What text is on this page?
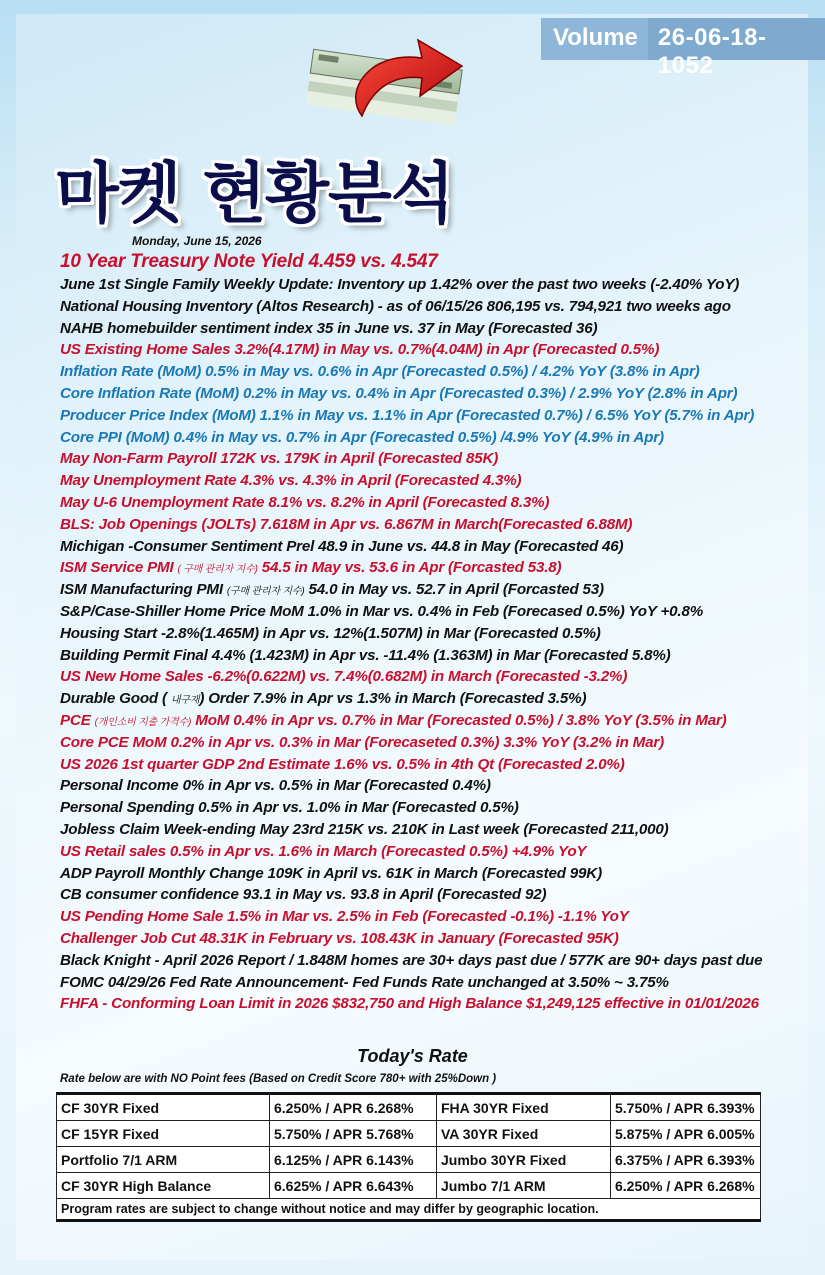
Volume 26-06-18-1052
마켓 현황분석
Monday, June 15, 2026
10 Year Treasury Note Yield 4.459 vs. 4.547
June 1st Single Family Weekly Update: Inventory up 1.42% over the past two weeks (-2.40% YoY)
National Housing Inventory (Altos Research) - as of 06/15/26 806,195 vs. 794,921 two weeks ago
NAHB homebuilder sentiment index 35 in June vs. 37 in May (Forecasted 36)
US Existing Home Sales 3.2%(4.17M) in May vs. 0.7%(4.04M) in Apr (Forecasted 0.5%)
Inflation Rate (MoM) 0.5% in May vs. 0.6% in Apr (Forecasted 0.5%) / 4.2% YoY (3.8% in Apr)
Core Inflation Rate (MoM) 0.2% in May vs. 0.4% in Apr (Forecasted 0.3%) / 2.9% YoY (2.8% in Apr)
Producer Price Index (MoM) 1.1% in May vs. 1.1% in Apr (Forecasted 0.7%) / 6.5% YoY (5.7% in Apr)
Core PPI (MoM) 0.4% in May vs. 0.7% in Apr (Forecasted 0.5%) /4.9% YoY (4.9% in Apr)
May Non-Farm Payroll 172K vs. 179K in April (Forecasted 85K)
May Unemployment Rate 4.3% vs. 4.3% in April (Forecasted 4.3%)
May U-6 Unemployment Rate 8.1% vs. 8.2% in April (Forecasted 8.3%)
BLS: Job Openings (JOLTs) 7.618M in Apr vs. 6.867M in March(Forecasted 6.88M)
Michigan -Consumer Sentiment Prel 48.9 in June vs. 44.8 in May (Forecasted 46)
ISM Service PMI ( 구매 관리자 지수) 54.5 in May vs. 53.6 in Apr (Forcasted 53.8)
ISM Manufacturing PMI (구매 관리자 지수) 54.0 in May vs. 52.7 in April (Forcasted 53)
S&P/Case-Shiller Home Price MoM 1.0% in Mar vs. 0.4% in Feb (Forecased 0.5%) YoY +0.8%
Housing Start -2.8%(1.465M) in Apr vs. 12%(1.507M) in Mar (Forecasted 0.5%)
Building Permit Final 4.4% (1.423M) in Apr vs. -11.4% (1.363M) in Mar (Forecasted 5.8%)
US New Home Sales -6.2%(0.622M) vs. 7.4%(0.682M) in March (Forecasted -3.2%)
Durable Good ( 내구재) Order 7.9% in Apr vs 1.3% in March (Forecasted 3.5%)
PCE (개인소비 지출 가격수) MoM 0.4% in Apr vs. 0.7% in Mar (Forecasted 0.5%) / 3.8% YoY (3.5% in Mar)
Core PCE MoM 0.2% in Apr vs. 0.3% in Mar (Forecaseted 0.3%) 3.3% YoY (3.2% in Mar)
US 2026 1st quarter GDP 2nd Estimate 1.6% vs. 0.5% in 4th Qt (Forecasted 2.0%)
Personal Income 0% in Apr vs. 0.5% in Mar (Forecasted 0.4%)
Personal Spending 0.5% in Apr vs. 1.0% in Mar (Forecasted 0.5%)
Jobless Claim Week-ending May 23rd 215K vs. 210K in Last week (Forecasted 211,000)
US Retail sales 0.5% in Apr vs. 1.6% in March (Forecasted 0.5%) +4.9% YoY
ADP Payroll Monthly Change 109K in April vs. 61K in March (Forecasted 99K)
CB consumer confidence 93.1 in May vs. 93.8 in April (Forecasted 92)
US Pending Home Sale 1.5% in Mar vs. 2.5% in Feb (Forecasted -0.1%) -1.1% YoY
Challenger Job Cut 48.31K in February vs. 108.43K in January (Forecasted 95K)
Black Knight - April 2026 Report / 1.848M homes are 30+ days past due / 577K are 90+ days past due
FOMC 04/29/26 Fed Rate Announcement- Fed Funds Rate unchanged at 3.50% ~ 3.75%
FHFA - Conforming Loan Limit in 2026 $832,750 and High Balance $1,249,125 effective in 01/01/2026
Today's Rate
Rate below are with NO Point fees (Based on Credit Score 780+ with 25%Down )
CF 30YR Fixed	6.250% / APR 6.268%	FHA 30YR Fixed	5.750% / APR 6.393%
CF 15YR Fixed	5.750% / APR 5.768%	VA 30YR Fixed	5.875% / APR 6.005%
Portfolio 7/1 ARM	6.125% / APR 6.143%	Jumbo 30YR Fixed	6.375% / APR 6.393%
CF 30YR High Balance	6.625% / APR 6.643%	Jumbo 7/1 ARM	6.250% / APR 6.268%
Program rates are subject to change without notice and may differ by geographic location.			
